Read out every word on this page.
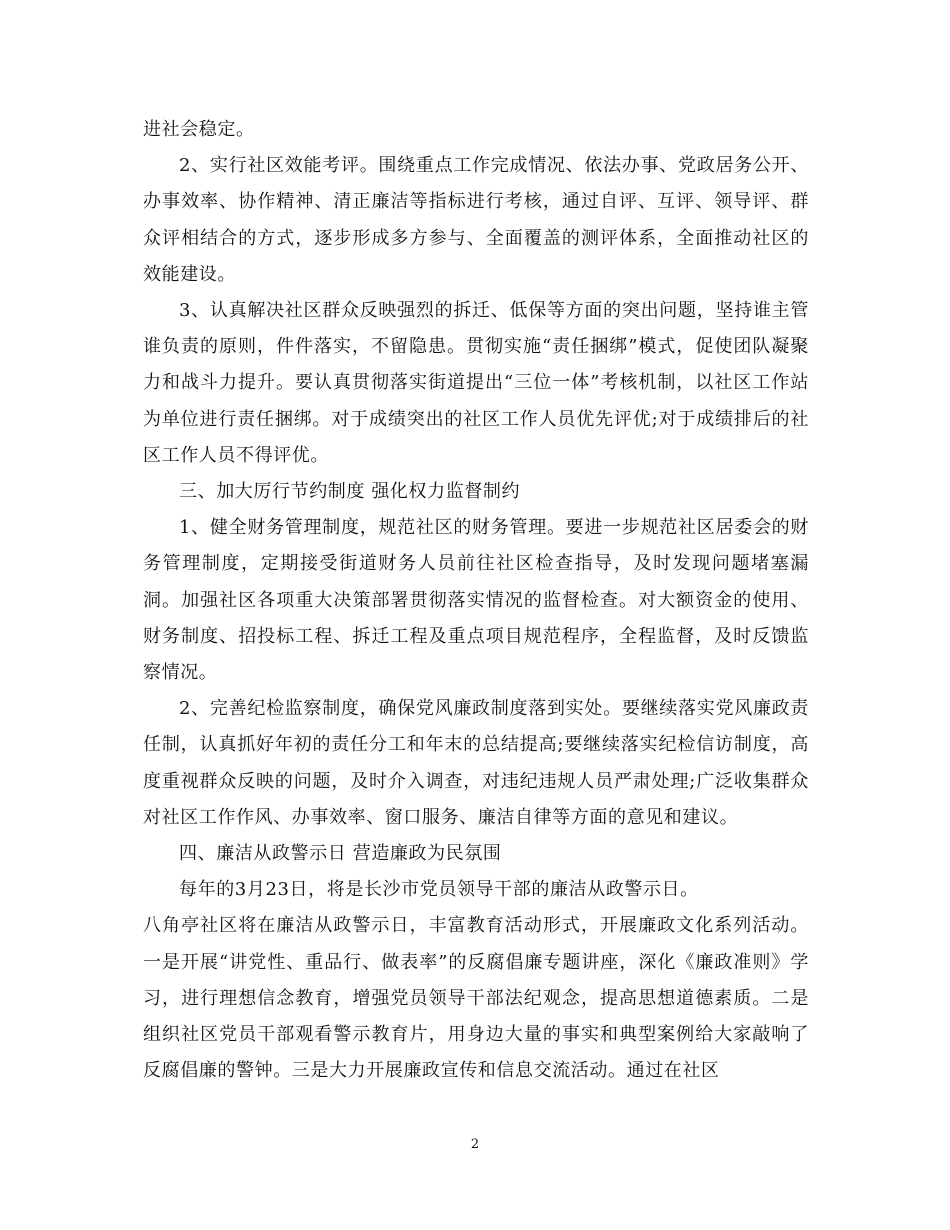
进社会稳定。

2、实行社区效能考评。围绕重点工作完成情况、依法办事、党政居务公开、办事效率、协作精神、清正廉洁等指标进行考核，通过自评、互评、领导评、群众评相结合的方式，逐步形成多方参与、全面覆盖的测评体系，全面推动社区的效能建设。

3、认真解决社区群众反映强烈的拆迁、低保等方面的突出问题，坚持谁主管谁负责的原则，件件落实，不留隐患。贯彻实施“责任捆绑”模式，促使团队凝聚力和战斗力提升。要认真贯彻落实街道提出“三位一体”考核机制，以社区工作站为单位进行责任捆绑。对于成绩突出的社区工作人员优先评优;对于成绩排后的社区工作人员不得评优。

三、加大厉行节约制度 强化权力监督制约

1、健全财务管理制度，规范社区的财务管理。要进一步规范社区居委会的财务管理制度，定期接受街道财务人员前往社区检查指导，及时发现问题堵塞漏洞。加强社区各项重大决策部署贯彻落实情况的监督检查。对大额资金的使用、财务制度、招投标工程、拆迁工程及重点项目规范程序，全程监督，及时反馈监察情况。

2、完善纪检监察制度，确保党风廉政制度落到实处。要继续落实党风廉政责任制，认真抓好年初的责任分工和年末的总结提高;要继续落实纪检信访制度，高度重视群众反映的问题，及时介入调查，对违纪违规人员严肃处理;广泛收集群众对社区工作作风、办事效率、窗口服务、廉洁自律等方面的意见和建议。

四、廉洁从政警示日 营造廉政为民氛围

每年的3月23日，将是长沙市党员领导干部的廉洁从政警示日。

八角亭社区将在廉洁从政警示日，丰富教育活动形式，开展廉政文化系列活动。一是开展“讲党性、重品行、做表率”的反腐倡廉专题讲座，深化《廉政准则》学习，进行理想信念教育，增强党员领导干部法纪观念，提高思想道德素质。二是组织社区党员干部观看警示教育片，用身边大量的事实和典型案例给大家敲响了反腐倡廉的警钟。三是大力开展廉政宣传和信息交流活动。通过在社区

2
